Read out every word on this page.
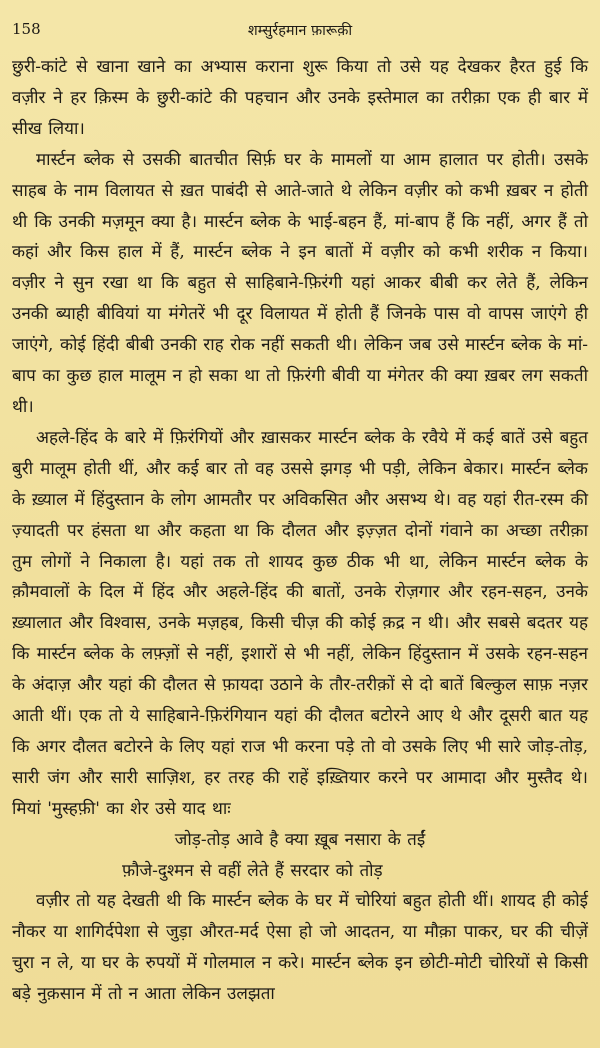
158	शम्सुर्रहमान फ़ारूक़ी

छुरी-कांटे से खाना खाने का अभ्यास कराना शुरू किया तो उसे यह देखकर हैरत हुई कि वज़ीर ने हर क़िस्म के छुरी-कांटे की पहचान और उनके इस्तेमाल का तरीक़ा एक ही बार में सीख लिया।

मार्स्टन ब्लेक से उसकी बातचीत सिर्फ़ घर के मामलों या आम हालात पर होती। उसके साहब के नाम विलायत से ख़त पाबंदी से आते-जाते थे लेकिन वज़ीर को कभी ख़बर न होती थी कि उनकी मज़मून क्या है। मार्स्टन ब्लेक के भाई-बहन हैं, मां-बाप हैं कि नहीं, अगर हैं तो कहां और किस हाल में हैं, मार्स्टन ब्लेक ने इन बातों में वज़ीर को कभी शरीक न किया। वज़ीर ने सुन रखा था कि बहुत से साहिबाने-फ़िरंगी यहां आकर बीबी कर लेते हैं, लेकिन उनकी ब्याही बीवियां या मंगेतरें भी दूर विलायत में होती हैं जिनके पास वो वापस जाएंगे ही जाएंगे, कोई हिंदी बीबी उनकी राह रोक नहीं सकती थी। लेकिन जब उसे मार्स्टन ब्लेक के मां-बाप का कुछ हाल मालूम न हो सका था तो फ़िरंगी बीवी या मंगेतर की क्या ख़बर लग सकती थी।

अहले-हिंद के बारे में फ़िरंगियों और ख़ासकर मार्स्टन ब्लेक के रवैये में कई बातें उसे बहुत बुरी मालूम होती थीं, और कई बार तो वह उससे झगड़ भी पड़ी, लेकिन बेकार। मार्स्टन ब्लेक के ख़्याल में हिंदुस्तान के लोग आमतौर पर अविकसित और असभ्य थे। वह यहां रीत-रस्म की ज़्यादती पर हंसता था और कहता था कि दौलत और इज़्ज़त दोनों गंवाने का अच्छा तरीक़ा तुम लोगों ने निकाला है। यहां तक तो शायद कुछ ठीक भी था, लेकिन मार्स्टन ब्लेक के क़ौमवालों के दिल में हिंद और अहले-हिंद की बातों, उनके रोज़गार और रहन-सहन, उनके ख़्यालात और विश्वास, उनके मज़हब, किसी चीज़ की कोई क़द्र न थी। और सबसे बदतर यह कि मार्स्टन ब्लेक के लफ़्ज़ों से नहीं, इशारों से भी नहीं, लेकिन हिंदुस्तान में उसके रहन-सहन के अंदाज़ और यहां की दौलत से फ़ायदा उठाने के तौर-तरीक़ों से दो बातें बिल्कुल साफ़ नज़र आती थीं। एक तो ये साहिबाने-फ़िरंगियान यहां की दौलत बटोरने आए थे और दूसरी बात यह कि अगर दौलत बटोरने के लिए यहां राज भी करना पड़े तो वो उसके लिए भी सारे जोड़-तोड़, सारी जंग और सारी साज़िश, हर तरह की राहें इख़्तियार करने पर आमादा और मुस्तैद थे। मियां 'मुस्हफ़ी' का शेर उसे याद थाः

जोड़-तोड़ आवे है क्या ख़ूब नसारा के तईं

फ़ौजे-दुश्मन से वहीं लेते हैं सरदार को तोड़

वज़ीर तो यह देखती थी कि मार्स्टन ब्लेक के घर में चोरियां बहुत होती थीं। शायद ही कोई नौकर या शागिर्दपेशा से जुड़ा औरत-मर्द ऐसा हो जो आदतन, या मौक़ा पाकर, घर की चीज़ें चुरा न ले, या घर के रुपयों में गोलमाल न करे। मार्स्टन ब्लेक इन छोटी-मोटी चोरियों से किसी बड़े नुक़सान में तो न आता लेकिन उलझता
